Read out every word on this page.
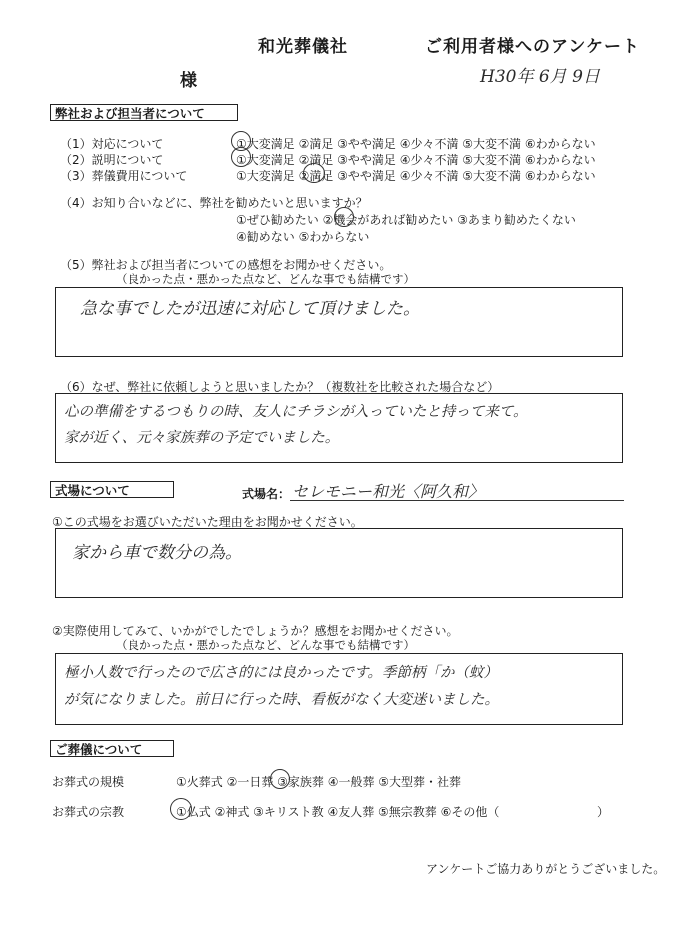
和光葬儀社	ご利用者様へのアンケート
様	H30年 6月 9日
弊社および担当者について
（1）対応について	①大変満足 ②満足 ③やや満足 ④少々不満 ⑤大変不満 ⑥わからない
（2）説明について	①大変満足 ②満足 ③やや満足 ④少々不満 ⑤大変不満 ⑥わからない
（3）葬儀費用について	①大変満足 ②満足 ③やや満足 ④少々不満 ⑤大変不満 ⑥わからない
（4）お知り合いなどに、弊社を勧めたいと思いますか？
①ぜひ勧めたい ②機会があれば勧めたい ③あまり勧めたくない
④勧めない ⑤わからない
（5）弊社および担当者についての感想をお聞かせください。
（良かった点・悪かった点など、どんな事でも結構です）
急な事でしたが迅速に対応して頂けました。
（6）なぜ、弊社に依頼しようと思いましたか？（複数社を比較された場合など）
心の準備をするつもりの時、友人にチラシが入っていたと持って来て。
家が近く、元々家族葬の予定でいました。
式場について	式場名： セレモニー和光〈阿久和〉
①この式場をお選びいただいた理由をお聞かせください。
家から車で数分の為。
②実際使用してみて、いかがでしたでしょうか？感想をお聞かせください。
（良かった点・悪かった点など、どんな事でも結構です）
極小人数で行ったので広さ的には良かったです。季節柄「か（蚊）
が気になりました。前日に行った時、看板がなく大変迷いました。
ご葬儀について
お葬式の規模	①火葬式 ②一日葬 ③家族葬 ④一般葬 ⑤大型葬・社葬
お葬式の宗教	①仏式 ②神式 ③キリスト教 ④友人葬 ⑤無宗教葬 ⑥その他（	）
アンケートご協力ありがとうございました。
